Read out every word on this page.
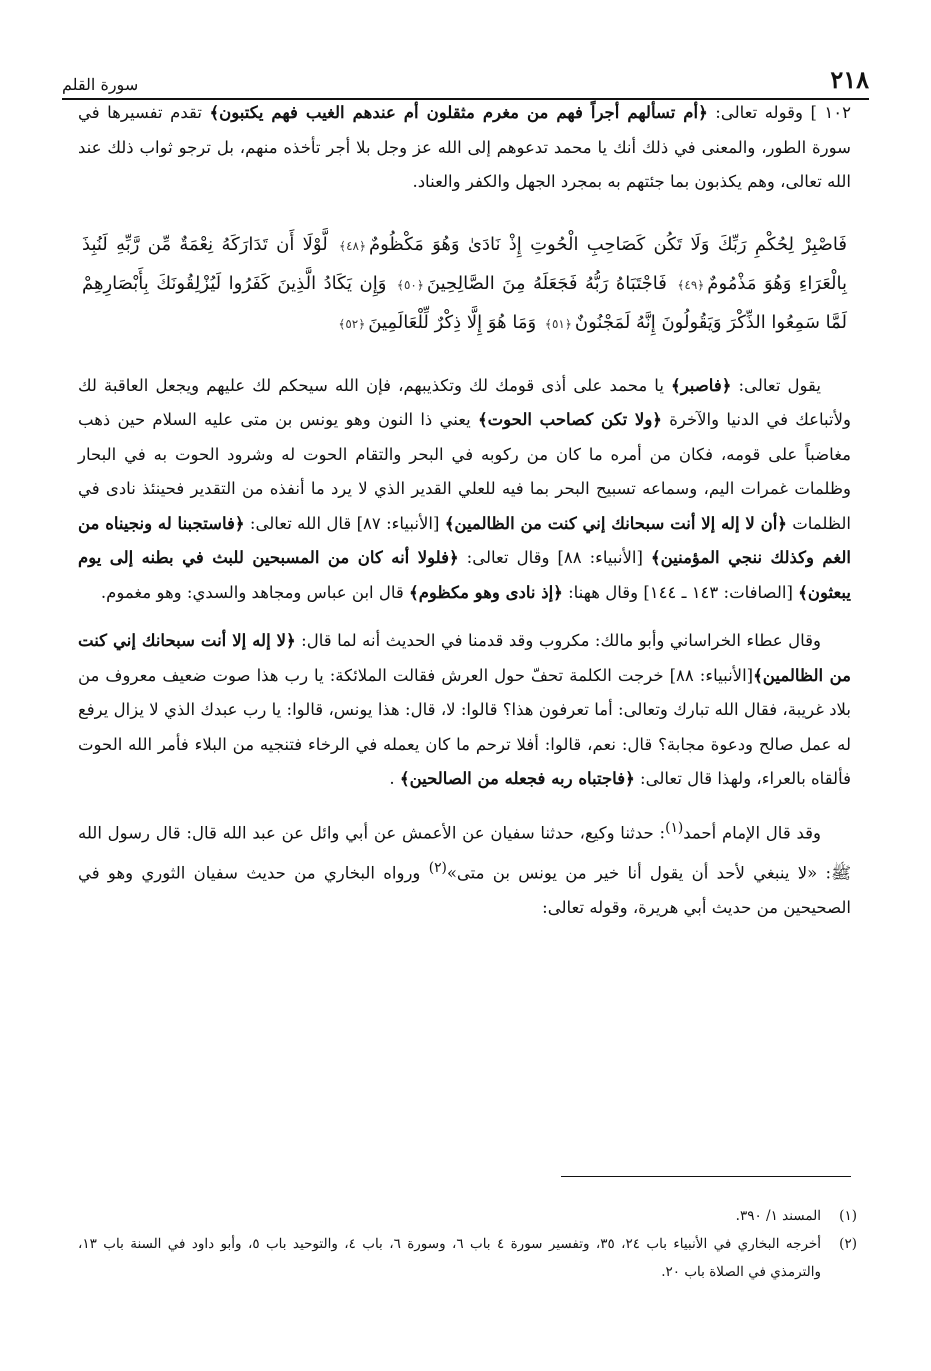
٢١٨
سورة القلم

١٠٢ ] وقوله تعالى: ﴿أم تسألهم أجراً فهم من مغرم مثقلون أم عندهم الغيب فهم يكتبون﴾ تقدم تفسيرها في سورة الطور، والمعنى في ذلك أنك يا محمد تدعوهم إلى الله عز وجل بلا أجر تأخذه منهم، بل ترجو ثواب ذلك عند الله تعالى، وهم يكذبون بما جئتهم به بمجرد الجهل والكفر والعناد.

فَاصْبِرْ لِحُكْمِ رَبِّكَ وَلَا تَكُن كَصَاحِبِ الْحُوتِ إِذْ نَادَىٰ وَهُوَ مَكْظُومٌ﴿٤٨﴾ لَّوْلَا أَن تَدَارَكَهُ نِعْمَةٌ مِّن رَّبِّهِ لَنُبِذَ بِالْعَرَاءِ وَهُوَ مَذْمُومٌ﴿٤٩﴾ فَاجْتَبَاهُ رَبُّهُ فَجَعَلَهُ مِنَ الصَّالِحِينَ﴿٥٠﴾ وَإِن يَكَادُ الَّذِينَ كَفَرُوا لَيُزْلِقُونَكَ بِأَبْصَارِهِمْ لَمَّا سَمِعُوا الذِّكْرَ وَيَقُولُونَ إِنَّهُ لَمَجْنُونٌ﴿٥١﴾ وَمَا هُوَ إِلَّا ذِكْرٌ لِّلْعَالَمِينَ﴿٥٢﴾

يقول تعالى: ﴿فاصبر﴾ يا محمد على أذى قومك لك وتكذيبهم، فإن الله سيحكم لك عليهم ويجعل العاقبة لك ولأتباعك في الدنيا والآخرة ﴿ولا تكن كصاحب الحوت﴾ يعني ذا النون وهو يونس بن متى عليه السلام حين ذهب مغاضباً على قومه، فكان من أمره ما كان من ركوبه في البحر والتقام الحوت له وشرود الحوت به في البحار وظلمات غمرات اليم، وسماعه تسبيح البحر بما فيه للعلي القدير الذي لا يرد ما أنفذه من التقدير فحينئذ نادى في الظلمات ﴿أن لا إله إلا أنت سبحانك إني كنت من الظالمين﴾ [الأنبياء: ٨٧] قال الله تعالى: ﴿فاستجبنا له ونجيناه من الغم وكذلك ننجي المؤمنين﴾ [الأنبياء: ٨٨] وقال تعالى: ﴿فلولا أنه كان من المسبحين للبث في بطنه إلى يوم يبعثون﴾ [الصافات: ١٤٣ ـ ١٤٤] وقال ههنا: ﴿إذ نادى وهو مكظوم﴾ قال ابن عباس ومجاهد والسدي: وهو مغموم.

وقال عطاء الخراساني وأبو مالك: مكروب وقد قدمنا في الحديث أنه لما قال: ﴿لا إله إلا أنت سبحانك إني كنت من الظالمين﴾[الأنبياء: ٨٨] خرجت الكلمة تحفّ حول العرش فقالت الملائكة: يا رب هذا صوت ضعيف معروف من بلاد غريبة، فقال الله تبارك وتعالى: أما تعرفون هذا؟ قالوا: لا، قال: هذا يونس، قالوا: يا رب عبدك الذي لا يزال يرفع له عمل صالح ودعوة مجابة؟ قال: نعم، قالوا: أفلا ترحم ما كان يعمله في الرخاء فتنجيه من البلاء فأمر الله الحوت فألقاه بالعراء، ولهذا قال تعالى: ﴿فاجتباه ربه فجعله من الصالحين﴾ .

وقد قال الإمام أحمد$^{(١)}$: حدثنا وكيع، حدثنا سفيان عن الأعمش عن أبي وائل عن عبد الله قال: قال رسول الله ﷺ: «لا ينبغي لأحد أن يقول أنا خير من يونس بن متى»$^{(٢)}$ ورواه البخاري من حديث سفيان الثوري وهو في الصحيحين من حديث أبي هريرة، وقوله تعالى:

(١)
المسند ١/ ٣٩٠.
(٢)
أخرجه البخاري في الأنبياء باب ٢٤، ٣٥، وتفسير سورة ٤ باب ٦، وسورة ٦، باب ٤، والتوحيد باب ٥، وأبو داود في السنة باب ١٣، والترمذي في الصلاة باب ٢٠.
